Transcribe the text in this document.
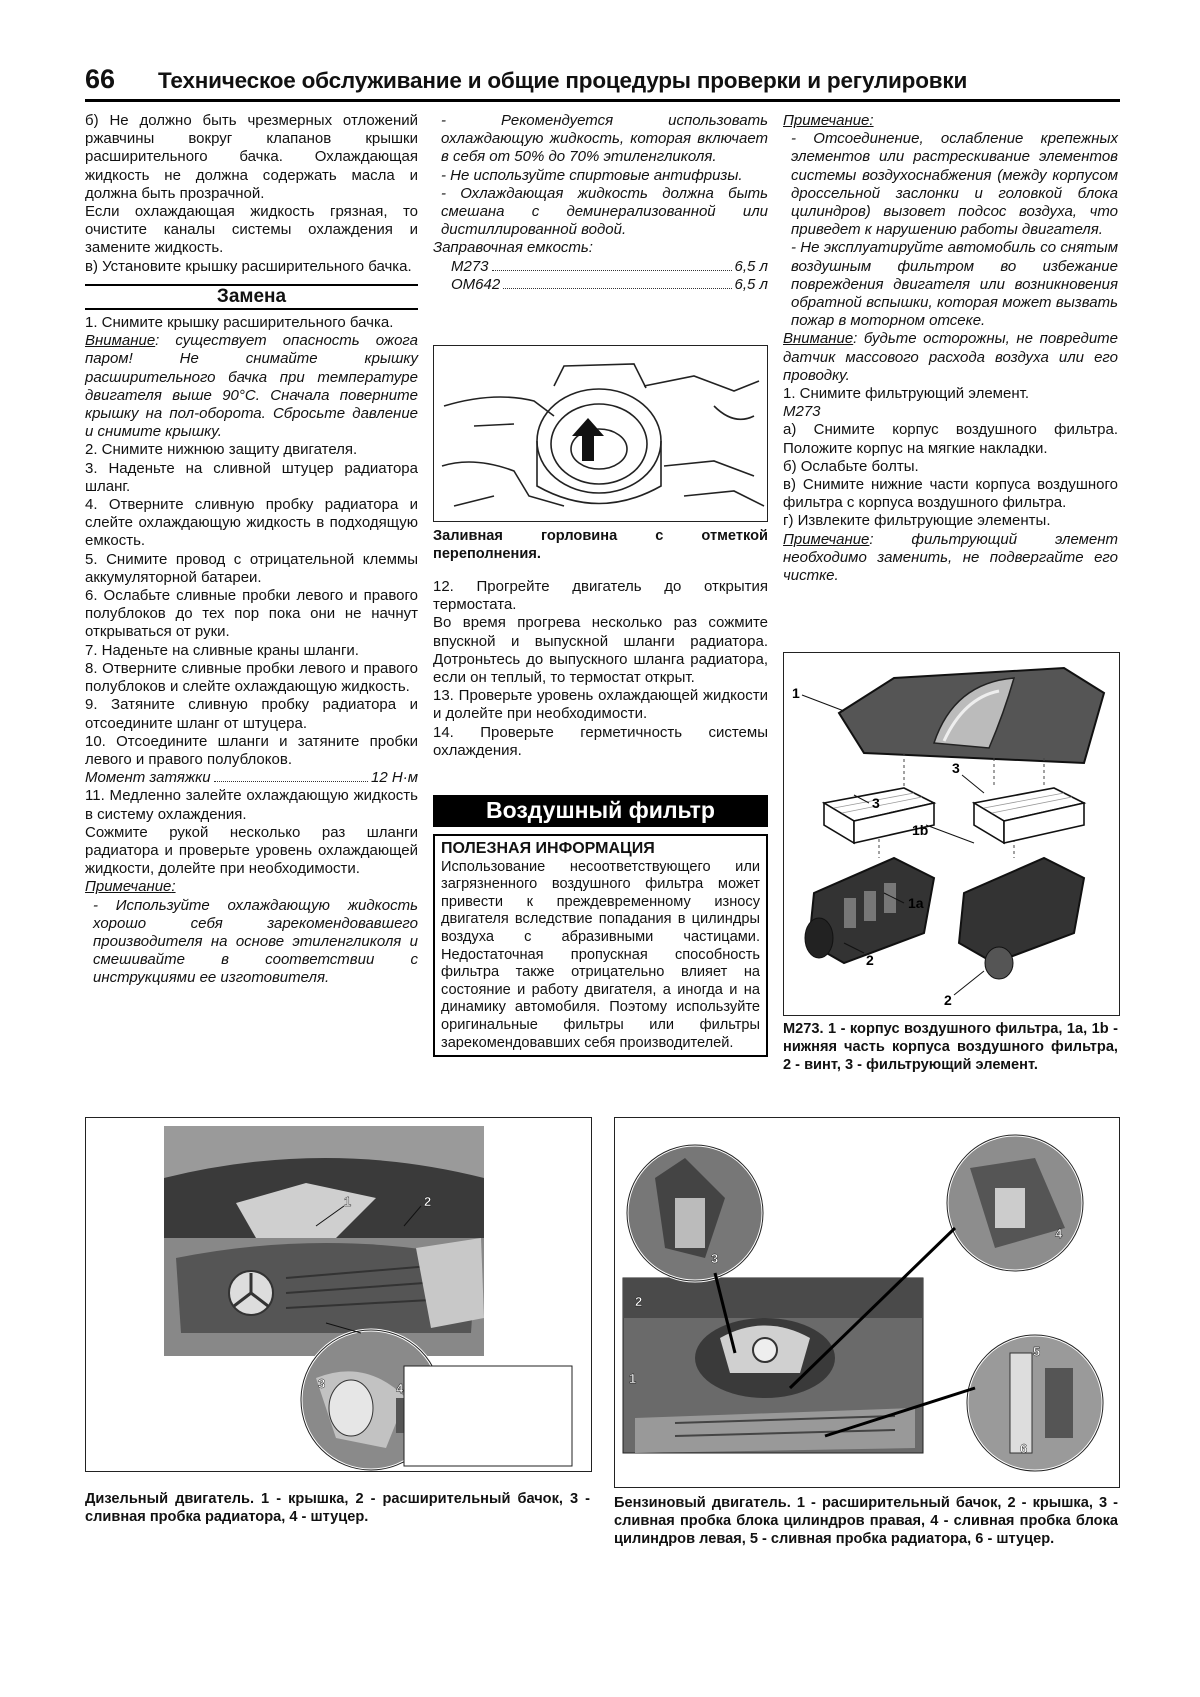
66 Техническое обслуживание и общие процедуры проверки и регулировки

б) Не должно быть чрезмерных отложений ржавчины вокруг клапанов крышки расширительного бачка. Охлаждающая жидкость не должна содержать масла и должна быть прозрачной.

Если охлаждающая жидкость грязная, то очистите каналы системы охлаждения и замените жидкость.

в) Установите крышку расширительного бачка.

Замена

1. Снимите крышку расширительного бачка.

Внимание: существует опасность ожога паром! Не снимайте крышку расширительного бачка при температуре двигателя выше 90°С. Сначала поверните крышку на пол-оборота. Сбросьте давление и снимите крышку.

2. Снимите нижнюю защиту двигателя.

3. Наденьте на сливной штуцер радиатора шланг.

4. Отверните сливную пробку радиатора и слейте охлаждающую жидкость в подходящую емкость.

5. Снимите провод с отрицательной клеммы аккумуляторной батареи.

6. Ослабьте сливные пробки левого и правого полублоков до тех пор пока они не начнут открываться от руки.

7. Наденьте на сливные краны шланги.

8. Отверните сливные пробки левого и правого полублоков и слейте охлаждающую жидкость.

9. Затяните сливную пробку радиатора и отсоедините шланг от штуцера.

10. Отсоедините шланги и затяните пробки левого и правого полублоков.

Момент затяжки	12 Н·м

11. Медленно залейте охлаждающую жидкость в систему охлаждения.

Сожмите рукой несколько раз шланги радиатора и проверьте уровень охлаждающей жидкости, долейте при необходимости.

Примечание:

- Используйте охлаждающую жидкость хорошо себя зарекомендовавшего производителя на основе этиленгликоля и смешивайте в соответствии с инструкциями ее изготовителя.

- Рекомендуется использовать охлаждающую жидкость, которая включает в себя от 50% до 70% этиленгликоля.

- Не используйте спиртовые антифризы.

- Охлаждающая жидкость должна быть смешана с деминерализованной или дистиллированной водой.

Заправочная емкость:

M273	6,5 л
OM642	6,5 л
Заливная горловина с отметкой переполнения.

12. Прогрейте двигатель до открытия термостата.

Во время прогрева несколько раз сожмите впускной и выпускной шланги радиатора. Дотроньтесь до выпускного шланга радиатора, если он теплый, то термостат открыт.

13. Проверьте уровень охлаждающей жидкости и долейте при необходимости.

14. Проверьте герметичность системы охлаждения.

Воздушный фильтр
ПОЛЕЗНАЯ ИНФОРМАЦИЯ

Использование несоответствующего или загрязненного воздушного фильтра может привести к преждевременному износу двигателя вследствие попадания в цилиндры воздуха с абразивными частицами. Недостаточная пропускная способность фильтра также отрицательно влияет на состояние и работу двигателя, а иногда и на динамику автомобиля. Поэтому используйте оригинальные фильтры или фильтры зарекомендовавших себя производителей.

Примечание:

- Отсоединение, ослабление крепежных элементов или растрескивание элементов системы воздухоснабжения (между корпусом дроссельной заслонки и головкой блока цилиндров) вызовет подсос воздуха, что приведет к нарушению работы двигателя.

- Не эксплуатируйте автомобиль со снятым воздушным фильтром во избежание повреждения двигателя или возникновения обратной вспышки, которая может вызвать пожар в моторном отсеке.

Внимание: будьте осторожны, не повредите датчик массового расхода воздуха или его проводку.

1. Снимите фильтрующий элемент.

M273

а) Снимите корпус воздушного фильтра. Положите корпус на мягкие накладки.

б) Ослабьте болты.

в) Снимите нижние части корпуса воздушного фильтра с корпуса воздушного фильтра.

г) Извлеките фильтрующие элементы.

Примечание: фильтрующий элемент необходимо заменить, не подвергайте его чистке.

1
3
3
1b
1a
2
2
М273. 1 - корпус воздушного фильтра, 1а, 1b - нижняя часть корпуса воздушного фильтра, 2 - винт, 3 - фильтрующий элемент.
1	2
3	4
Дизельный двигатель. 1 - крышка, 2 - расширительный бачок, 3 - сливная пробка радиатора, 4 - штуцер.
2
1
3
4
5
6
Бензиновый двигатель. 1 - расширительный бачок, 2 - крышка, 3 - сливная пробка блока цилиндров правая, 4 - сливная пробка блока цилиндров левая, 5 - сливная пробка радиатора, 6 - штуцер.
